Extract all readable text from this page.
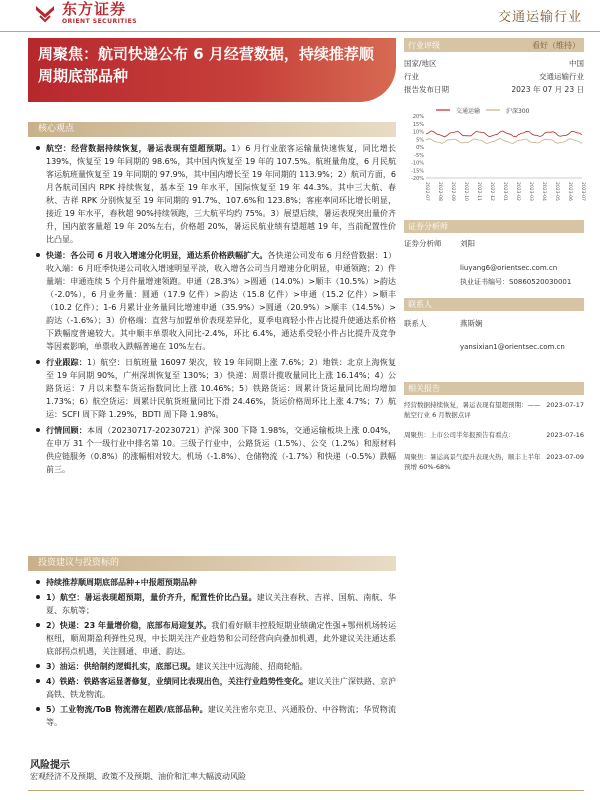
东方证券
ORIENT SECURITIES	交通运输行业
周聚焦：航司快递公布 6 月经营数据，持续推荐顺周期底部品种
行业评级	看好（维持）
国家/地区	中国
行业	交通运输行业
报告发布日期	2023 年 07 月 23 日
交通运输	沪深300
20%
15%
10%
5%
0%
-5%
-10%
-15%
-20%
2022-07 2022-08 2022-09 2022-10 2022-11 2022-12 2023-01 2023-02 2023-03 2023-04 2023-05 2023-06 2023-07
证券分析师
证券分析师 刘阳
liuyang6@orientsec.com.cn
执业证书编号：S0860520030001
联系人
联系人	燕斯娴
yansixian1@orientsec.com.cn
相关报告
经营数据持续恢复，暑运表现有望超预期：——航空行业 6 月数据点评
2023-07-17
周聚焦：上市公司半年报预告有看点：	2023-07-16
周聚焦：暑运高景气提升表现火热，顺丰上半年预增 60%-68%
2023-07-09
核心观点

航空：经营数据持续恢复，暑运表现有望超预期。1）6 月行业旅客运输量快速恢复，同比增长 139%，恢复至 19 年同期的 98.6%，其中国内恢复至 19 年的 107.5%。航班量角度，6 月民航客运航班量恢复至 19 年同期的 97.9%，其中国内增长至 19 年同期的 113.9%；2）航司方面，6 月各航司国内 RPK 持续恢复，基本至 19 年水平，国际恢复至 19 年 44.3%。其中三大航、春秋、吉祥 RPK 分别恢复至 19 年同期的 91.7%、107.6%和 123.8%；客座率同环比增长明显，接近 19 年水平，春秋超 90%持续领跑，三大航平均约 75%。3）展望后续，暑运表现突出量价齐升，国内旅客量超 19 年 20%左右，价格超 20%，暑运民航业绩有望超越 19 年，当前配置性价比凸显。

快递：各公司 6 月收入增速分化明显，通达系价格跌幅扩大。各快递公司发布 6 月经营数据：1）收入端：6 月旺季快递公司收入增速明显平淡，收入增各公司当月增速分化明显，申通领跑；2）件量端：申通连续 5 个月件量增速领跑。申通（28.3%）>圆通（14.0%）>顺丰（10.5%）>韵达（-2.0%），6 月业务量：圆通（17.9 亿件）>韵达（15.8 亿件）>申通（15.2 亿件）>顺丰（10.2 亿件）；1-6 月累计业务量同比增速申通（35.9%）>圆通（20.9%）>顺丰（14.5%）>韵达（-1.6%）；3）价格端：直营与加盟单价表现差异化，夏季电商轻小件占比提升使通达系价格下跌幅度普遍较大。其中顺丰单票收入同比-2.4%，环比 6.4%，通达系受轻小件占比提升及竞争等因素影响，单票收入跌幅普遍在 10%左右。

行业跟踪：1）航空：日航班量 16097 架次，较 19 年同期上涨 7.6%；2）地铁：北京上海恢复至 19 年同期 90%，广州深圳恢复至 130%；3）快递：周票计揽收量同比上涨 16.14%；4）公路货运：7 月以来整车货运指数同比上涨 10.46%；5）铁路货运：周累计货运量同比周均增加 1.73%；6）航空货运：周累计民航货班量同比下滑 24.46%，货运价格周环比上涨 4.7%；7）航运：SCFI 周下降 1.29%，BDTI 周下降 1.98%。

行情回顾：本周（20230717-20230721）沪深 300 下降 1.98%，交通运输板块上涨 0.04%，在申万 31 个一级行业中排名第 10。三级子行业中，公路货运（1.5%）、公交（1.2%）和原材料供应链服务（0.8%）的涨幅相对较大。机场（-1.8%）、仓储物流（-1.7%）和快递（-0.5%）跌幅前三。

投资建议与投资标的

持续推荐顺周期底部品种+中报超预期品种

1）航空：暑运表现超预期，量价齐升，配置性价比凸显。建议关注春秋、吉祥、国航、南航、华夏、东航等；

2）快递：23 年量增价稳，底部布局迎复苏。我们看好顺丰控股短期业绩确定性强+鄂州机场转运枢纽，顺周期盈利弹性兑现，中长期关注产业趋势和公司经营向向叠加机遇，此外建议关注通达系底部拐点机遇，关注圆通、申通、韵达。

3）油运：供给制约逻辑扎实，底部已现。建议关注中远海能、招商轮船。

4）铁路：铁路客运显著修复，业绩同比表现出色，关注行业趋势性变化。建议关注广深铁路、京沪高铁、铁龙物流。

5）工业物流/ToB 物流潜在超跌/底部品种。建议关注密尔克卫、兴通股份、中谷物流；华贸物流等。

风险提示
宏观经济不及预期、政策不及预期、油价和汇率大幅波动风险
